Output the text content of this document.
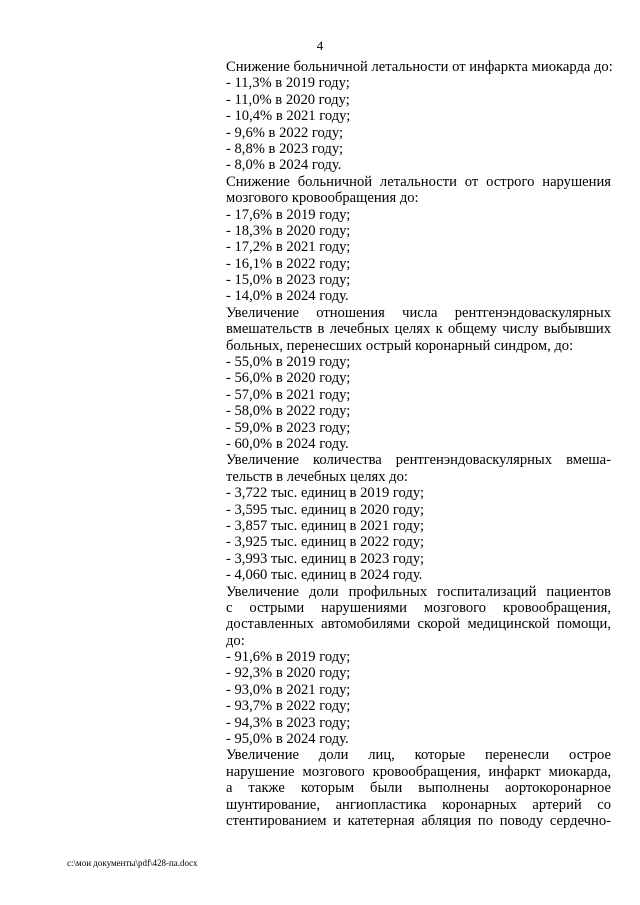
4
Снижение больничной летальности от инфаркта миокарда до:
- 11,3% в 2019 году;
- 11,0% в 2020 году;
- 10,4% в 2021 году;
- 9,6% в 2022 году;
- 8,8% в 2023 году;
- 8,0% в 2024 году.
Снижение больничной летальности от острого нарушения
мозгового кровообращения до:
- 17,6% в 2019 году;
- 18,3% в 2020 году;
- 17,2% в 2021 году;
- 16,1% в 2022 году;
- 15,0% в 2023 году;
- 14,0% в 2024 году.
Увеличение отношения числа рентгенэндоваскулярных
вмешательств в лечебных целях к общему числу выбывших
больных, перенесших острый коронарный синдром, до:
- 55,0% в 2019 году;
- 56,0% в 2020 году;
- 57,0% в 2021 году;
- 58,0% в 2022 году;
- 59,0% в 2023 году;
- 60,0% в 2024 году.
Увеличение количества рентгенэндоваскулярных вмеша-
тельств в лечебных целях до:
- 3,722 тыс. единиц в 2019 году;
- 3,595 тыс. единиц в 2020 году;
- 3,857 тыс. единиц в 2021 году;
- 3,925 тыс. единиц в 2022 году;
- 3,993 тыс. единиц в 2023 году;
- 4,060 тыс. единиц в 2024 году.
Увеличение доли профильных госпитализаций пациентов
с острыми нарушениями мозгового кровообращения,
доставленных автомобилями скорой медицинской помощи,
до:
- 91,6% в 2019 году;
- 92,3% в 2020 году;
- 93,0% в 2021 году;
- 93,7% в 2022 году;
- 94,3% в 2023 году;
- 95,0% в 2024 году.
Увеличение доли лиц, которые перенесли острое
нарушение мозгового кровообращения, инфаркт миокарда,
а также которым были выполнены аортокоронарное
шунтирование, ангиопластика коронарных артерий со
стентированием и катетерная абляция по поводу сердечно-
c:\мои документы\pdf\428-па.docx
